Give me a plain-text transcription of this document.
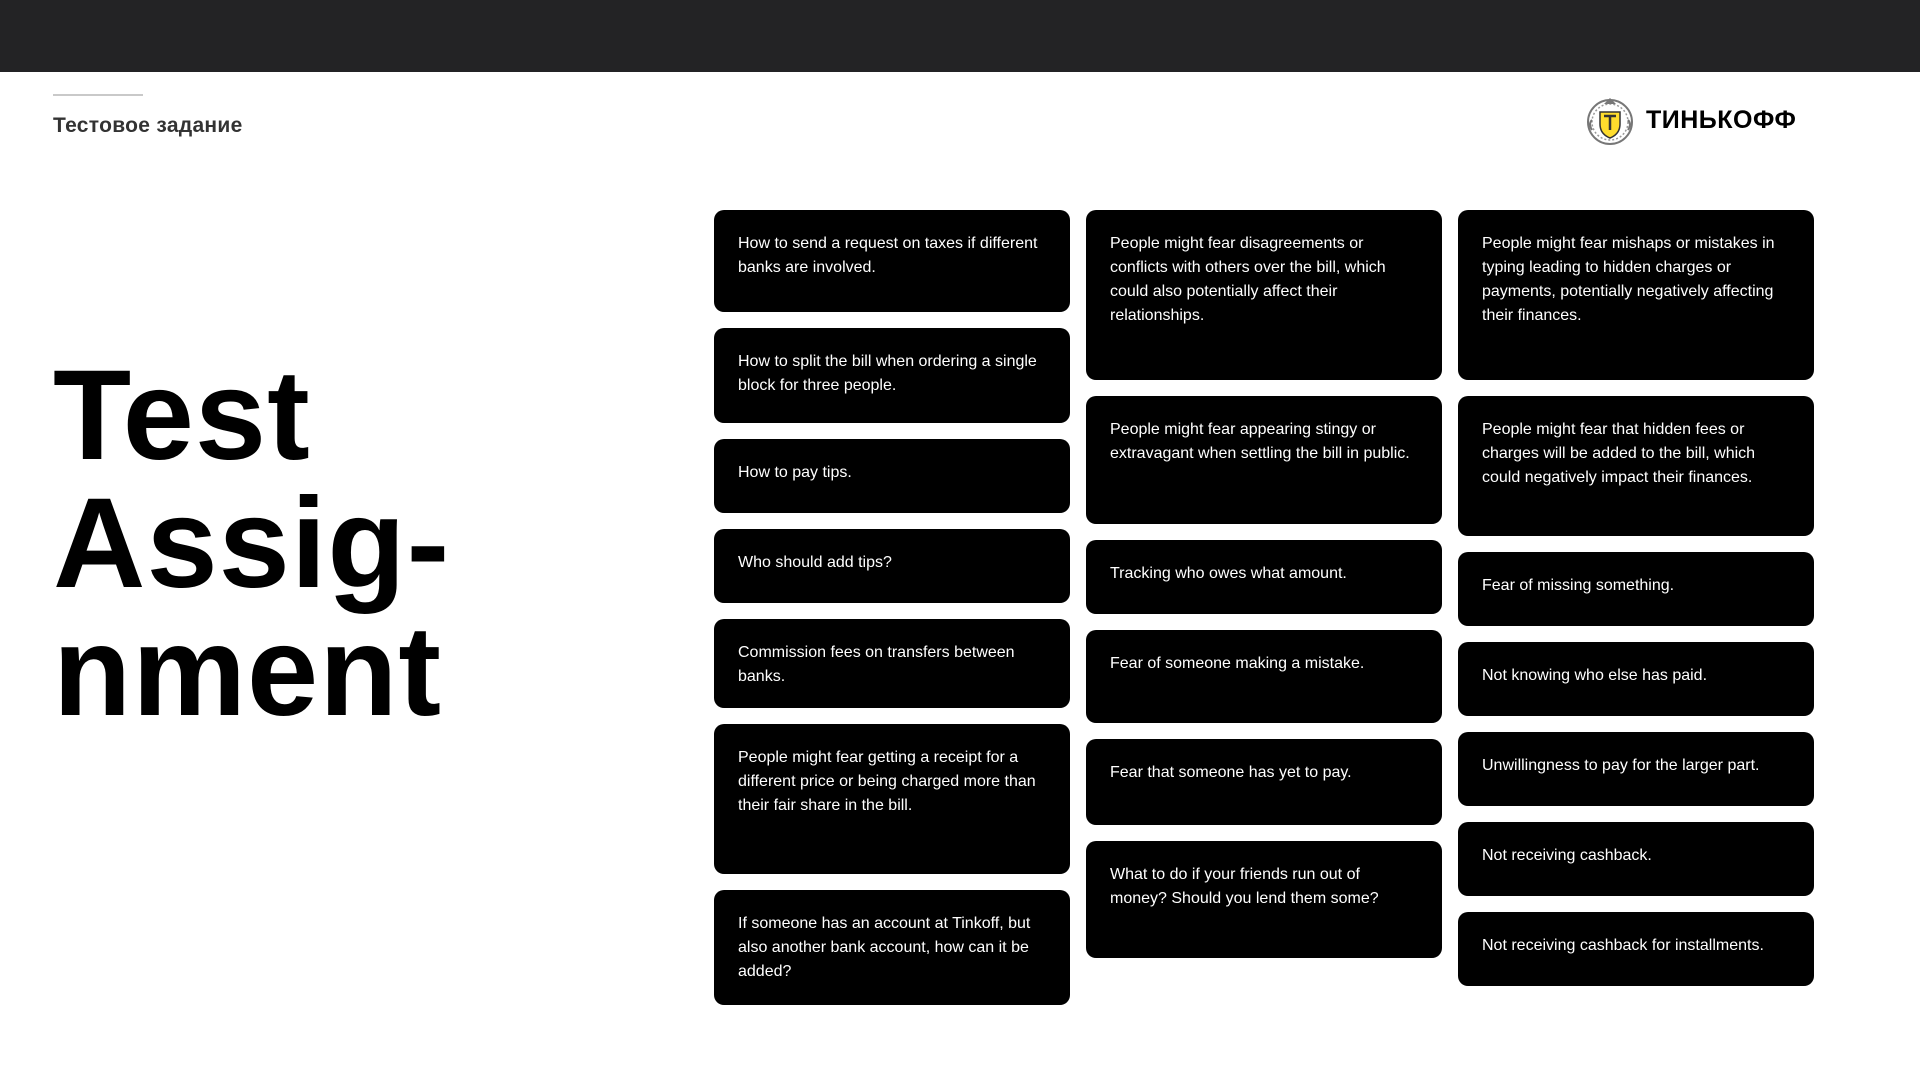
Тестовое задание	ТИНЬКОФФ
Test
Assig-
nment
How to send a request on taxes if different banks are involved.
How to split the bill when ordering a single block for three people.
How to pay tips.
Who should add tips?
Commission fees on transfers between banks.
People might fear getting a receipt for a different price or being charged more than their fair share in the bill.
If someone has an account at Tinkoff, but also another bank account, how can it be added?
People might fear disagreements or conflicts with others over the bill, which could also potentially affect their relationships.
People might fear appearing stingy or extravagant when settling the bill in public.
Tracking who owes what amount.
Fear of someone making a mistake.
Fear that someone has yet to pay.
What to do if your friends run out of money? Should you lend them some?
People might fear mishaps or mistakes in typing leading to hidden charges or payments, potentially negatively affecting their finances.
People might fear that hidden fees or charges will be added to the bill, which could negatively impact their finances.
Fear of missing something.
Not knowing who else has paid.
Unwillingness to pay for the larger part.
Not receiving cashback.
Not receiving cashback for installments.
